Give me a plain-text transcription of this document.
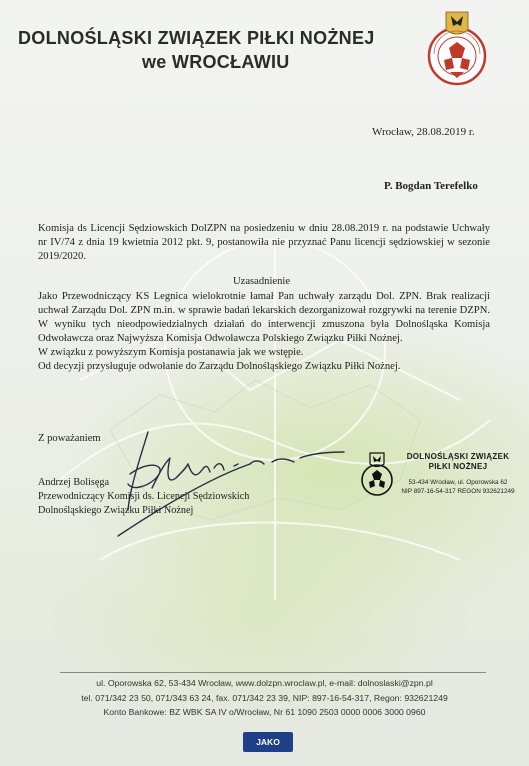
DOLNOŚLĄSKI ZWIĄZEK PIŁKI NOŻNEJ
we WROCŁAWIU
Wrocław, 28.08.2019 r.
P. Bogdan Terefelko

Komisja ds Licencji Sędziowskich DolZPN na posiedzeniu w dniu 28.08.2019 r. na podstawie Uchwały nr IV/74 z dnia 19 kwietnia 2012 pkt. 9, postanowiła nie przyznać Panu licencji sędziowskiej w sezonie 2019/2020.

Uzasadnienie

Jako Przewodniczący KS Legnica wielokrotnie łamał Pan uchwały zarządu Dol. ZPN. Brak realizacji uchwał Zarządu Dol. ZPN m.in. w sprawie badań lekarskich dezorganizował rozgrywki na terenie DZPN. W wyniku tych nieodpowiedzialnych działań do interwencji zmuszona była Dolnośląska Komisja Odwoławcza oraz Najwyższa Komisja Odwoławcza Polskiego Związku Piłki Nożnej.

W związku z powyższym Komisja postanawia jak we wstępie.

Od decyzji przysługuje odwołanie do Zarządu Dolnośląskiego Związku Piłki Nożnej.

Z poważaniem
Andrzej Bolisęga
Przewodniczący Komisji ds. Licencji Sędziowskich
Dolnośląskiego Związku Piłki Nożnej
DOLNOŚLĄSKI ZWIĄZEK
PIŁKI NOŻNEJ
53-434 Wrocław, ul. Oporowska 62
NIP 897-16-54-317 REGON 932621249
ul. Oporowska 62, 53-434 Wrocław, www.dolzpn.wroclaw.pl, e-mail: dolnoslaski@zpn.pl
tel. 071/342 23 50, 071/343 63 24, fax. 071/342 23 39, NIP: 897-16-54-317, Regon: 932621249
Konto Bankowe: BZ WBK SA IV o/Wrocław, Nr 61 1090 2503 0000 0006 3000 0960
JAKO
